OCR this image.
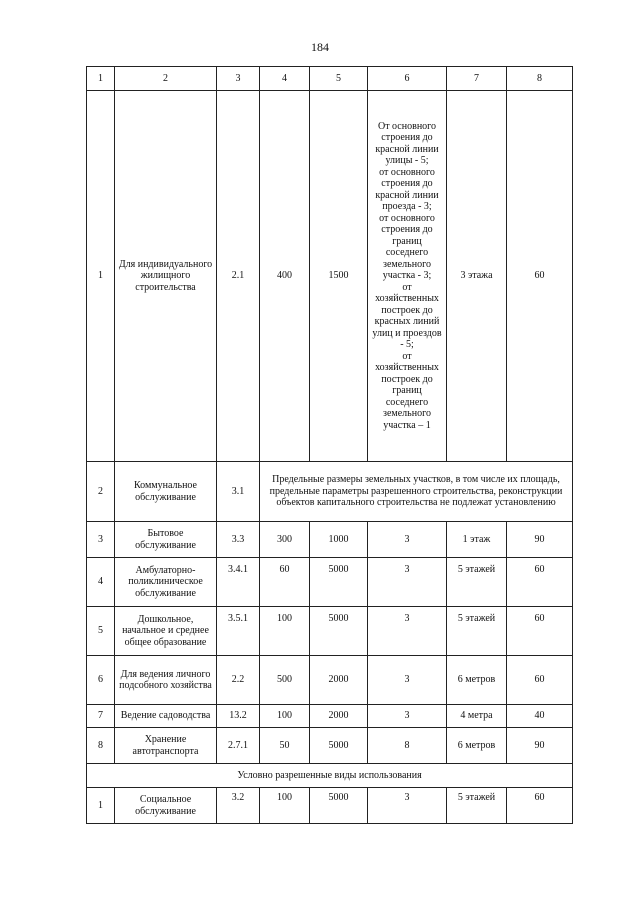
184
1	2	3	4	5	6	7	8
1	Для индивидуального жилищного строительства	2.1	400	1500	От основного строения до красной линии улицы - 5;
от основного строения до красной линии проезда - 3;
от основного строения до границ соседнего земельного участка - 3;
от хозяйственных построек до красных линий улиц и проездов - 5;
от хозяйственных построек до границ соседнего земельного участка – 1	3 этажа	60
2	Коммунальное обслуживание	3.1	Предельные размеры земельных участков, в том числе их площадь, предельные параметры разрешенного строительства, реконструкции объектов капитального строительства не подлежат установлению				
3	Бытовое обслуживание	3.3	300	1000	3	1 этаж	90
4	Амбулаторно-поликлиническое обслуживание	3.4.1	60	5000	3	5 этажей	60
5	Дошкольное, начальное и среднее общее образование	3.5.1	100	5000	3	5 этажей	60
6	Для ведения личного подсобного хозяйства	2.2	500	2000	3	6 метров	60
7	Ведение садоводства	13.2	100	2000	3	4 метра	40
8	Хранение автотранспорта	2.7.1	50	5000	8	6 метров	90
Условно разрешенные виды использования							
1	Социальное обслуживание	3.2	100	5000	3	5 этажей	60
